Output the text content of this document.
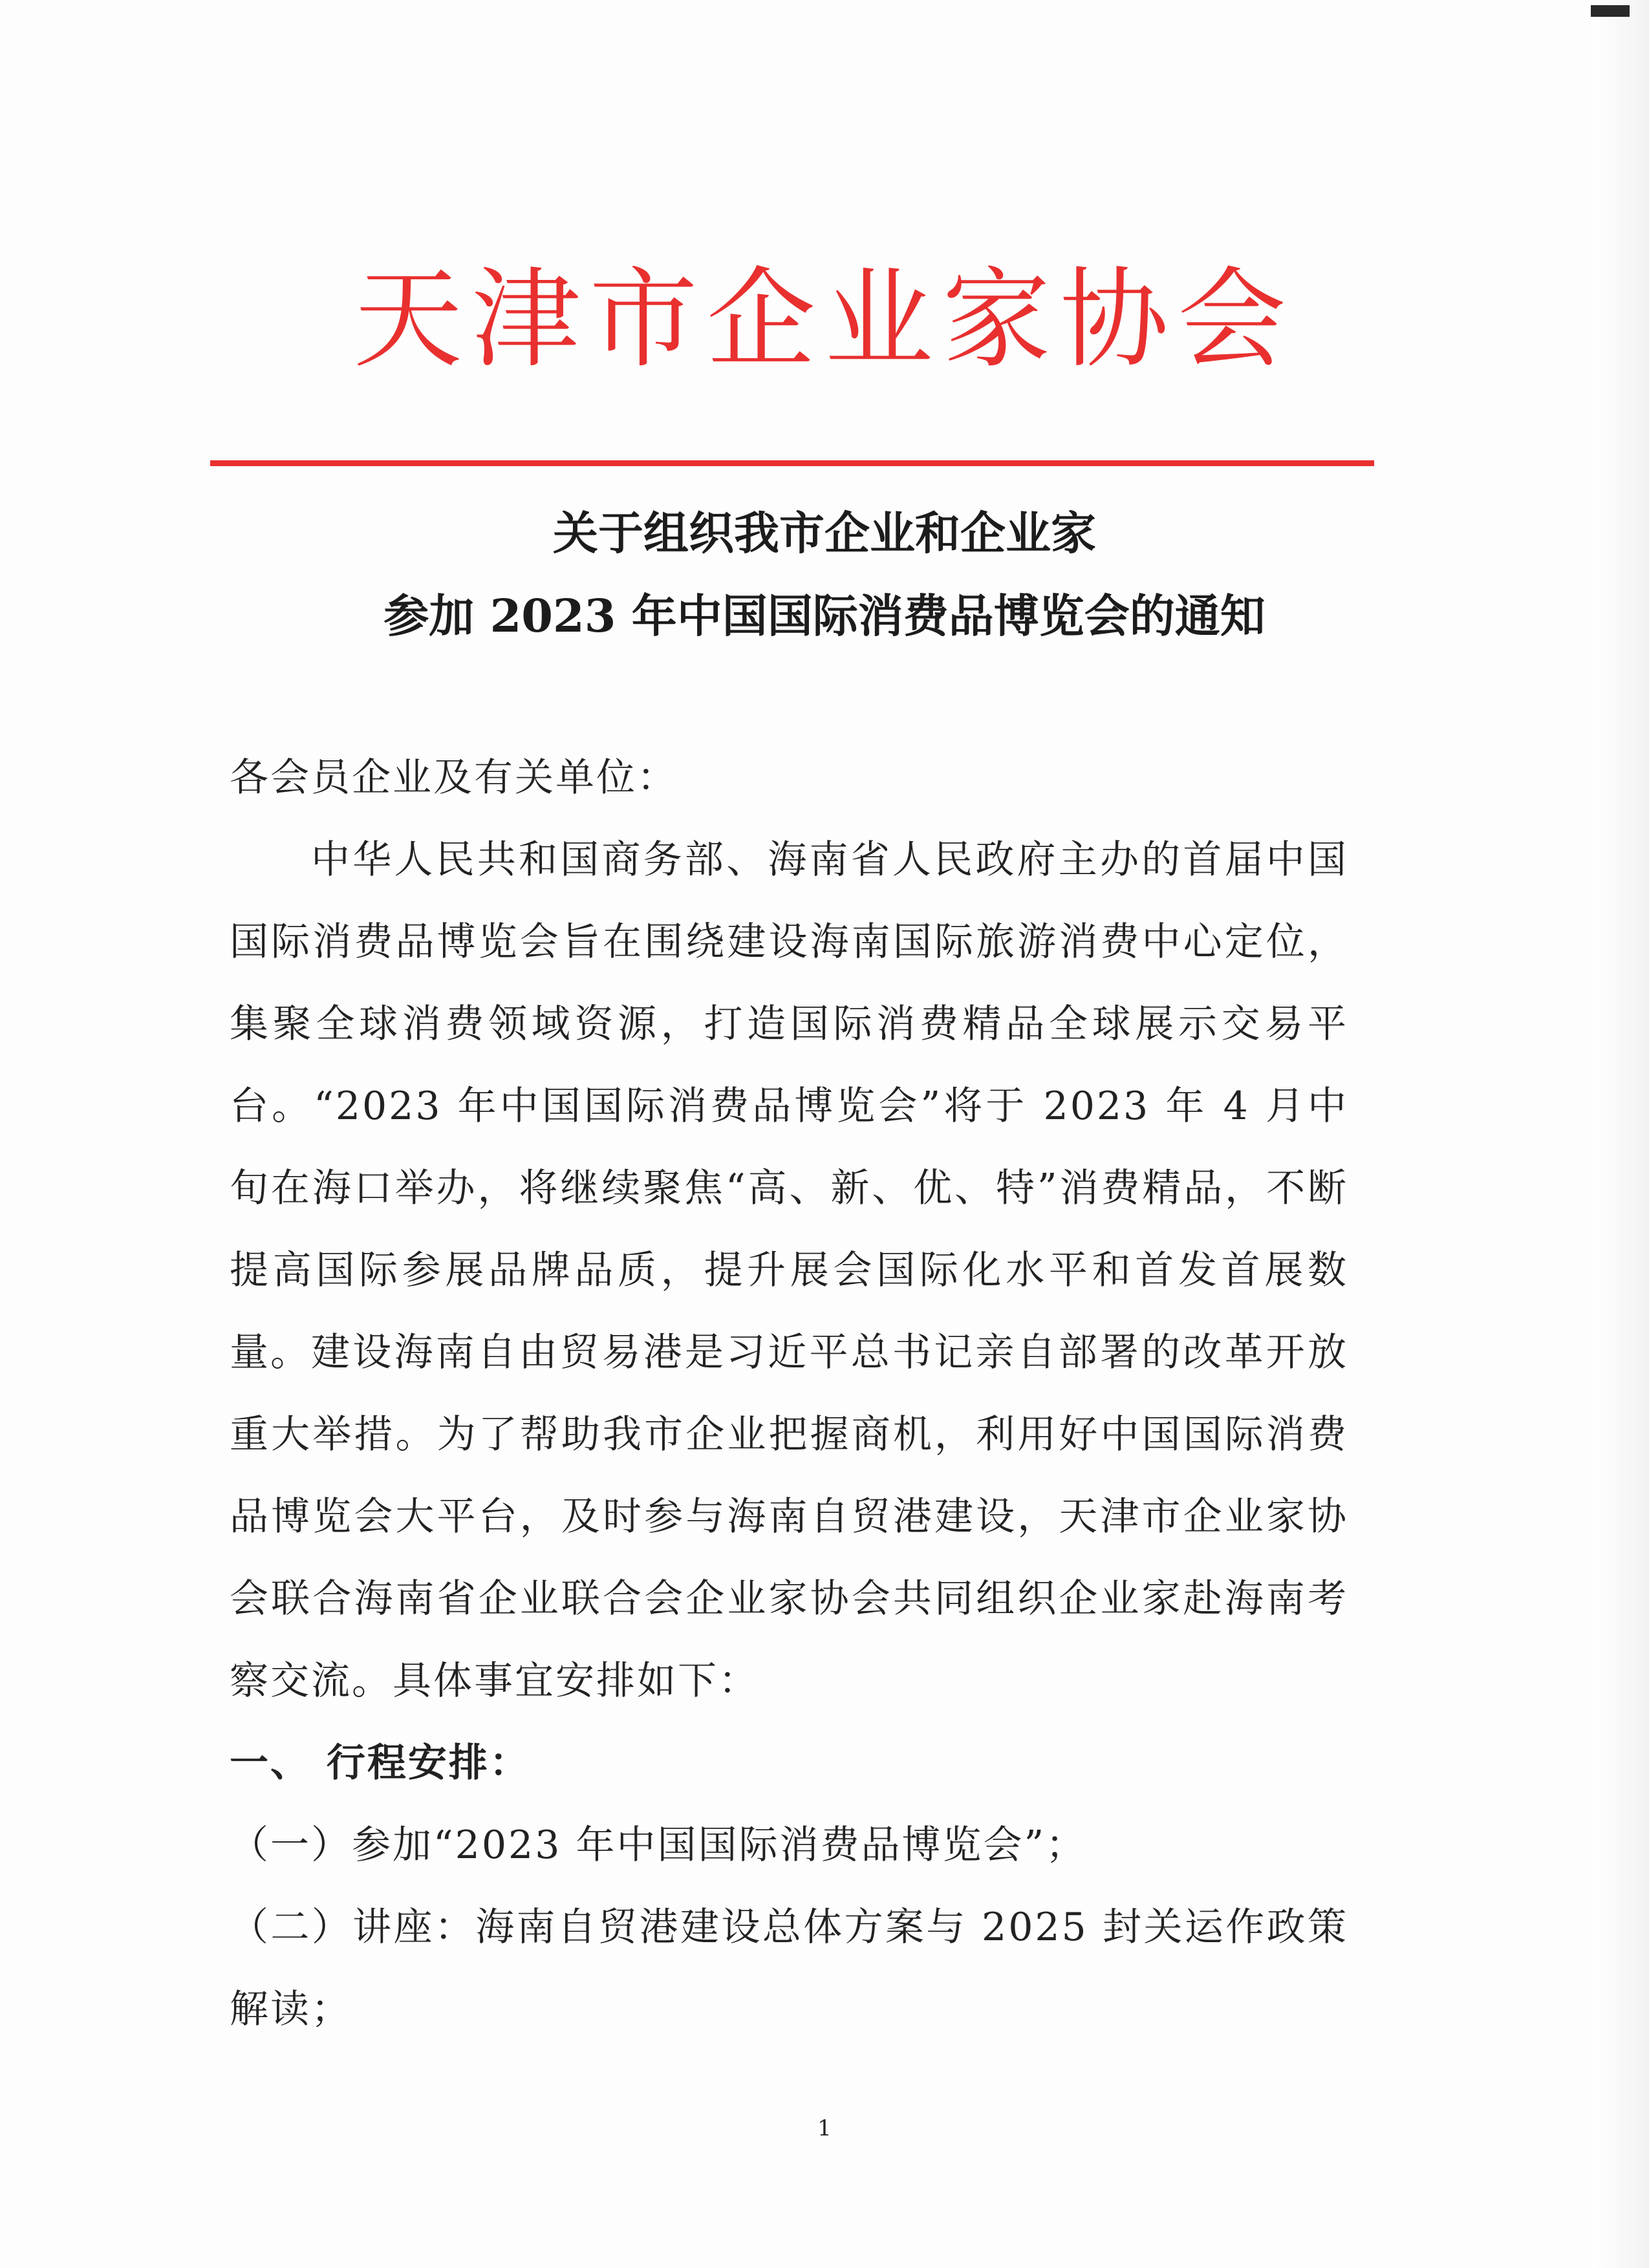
天津市企业家协会
关于组织我市企业和企业家
参加 2023 年中国国际消费品博览会的通知

各会员企业及有关单位：

中华人民共和国商务部、海南省人民政府主办的首届中国国际消费品博览会旨在围绕建设海南国际旅游消费中心定位，集聚全球消费领域资源，打造国际消费精品全球展示交易平台。“2023 年中国国际消费品博览会”将于 2023 年 4 月中旬在海口举办，将继续聚焦“高、新、优、特”消费精品，不断提高国际参展品牌品质，提升展会国际化水平和首发首展数量。 建设海南自由贸易港是习近平总书记亲自部署的改革开放重大举措。为了帮助我市企业把握商机，利用好中国国际消费品博览会大平台，及时参与海南自贸港建设，天津市企业家协会联合海南省企业联合会企业家协会共同组织企业家赴海南考察交流。具体事宜安排如下：

一、 行程安排：

（一）参加“2023 年中国国际消费品博览会”；

（二）讲座：海南自贸港建设总体方案与 2025 封关运作政策解读；

1
